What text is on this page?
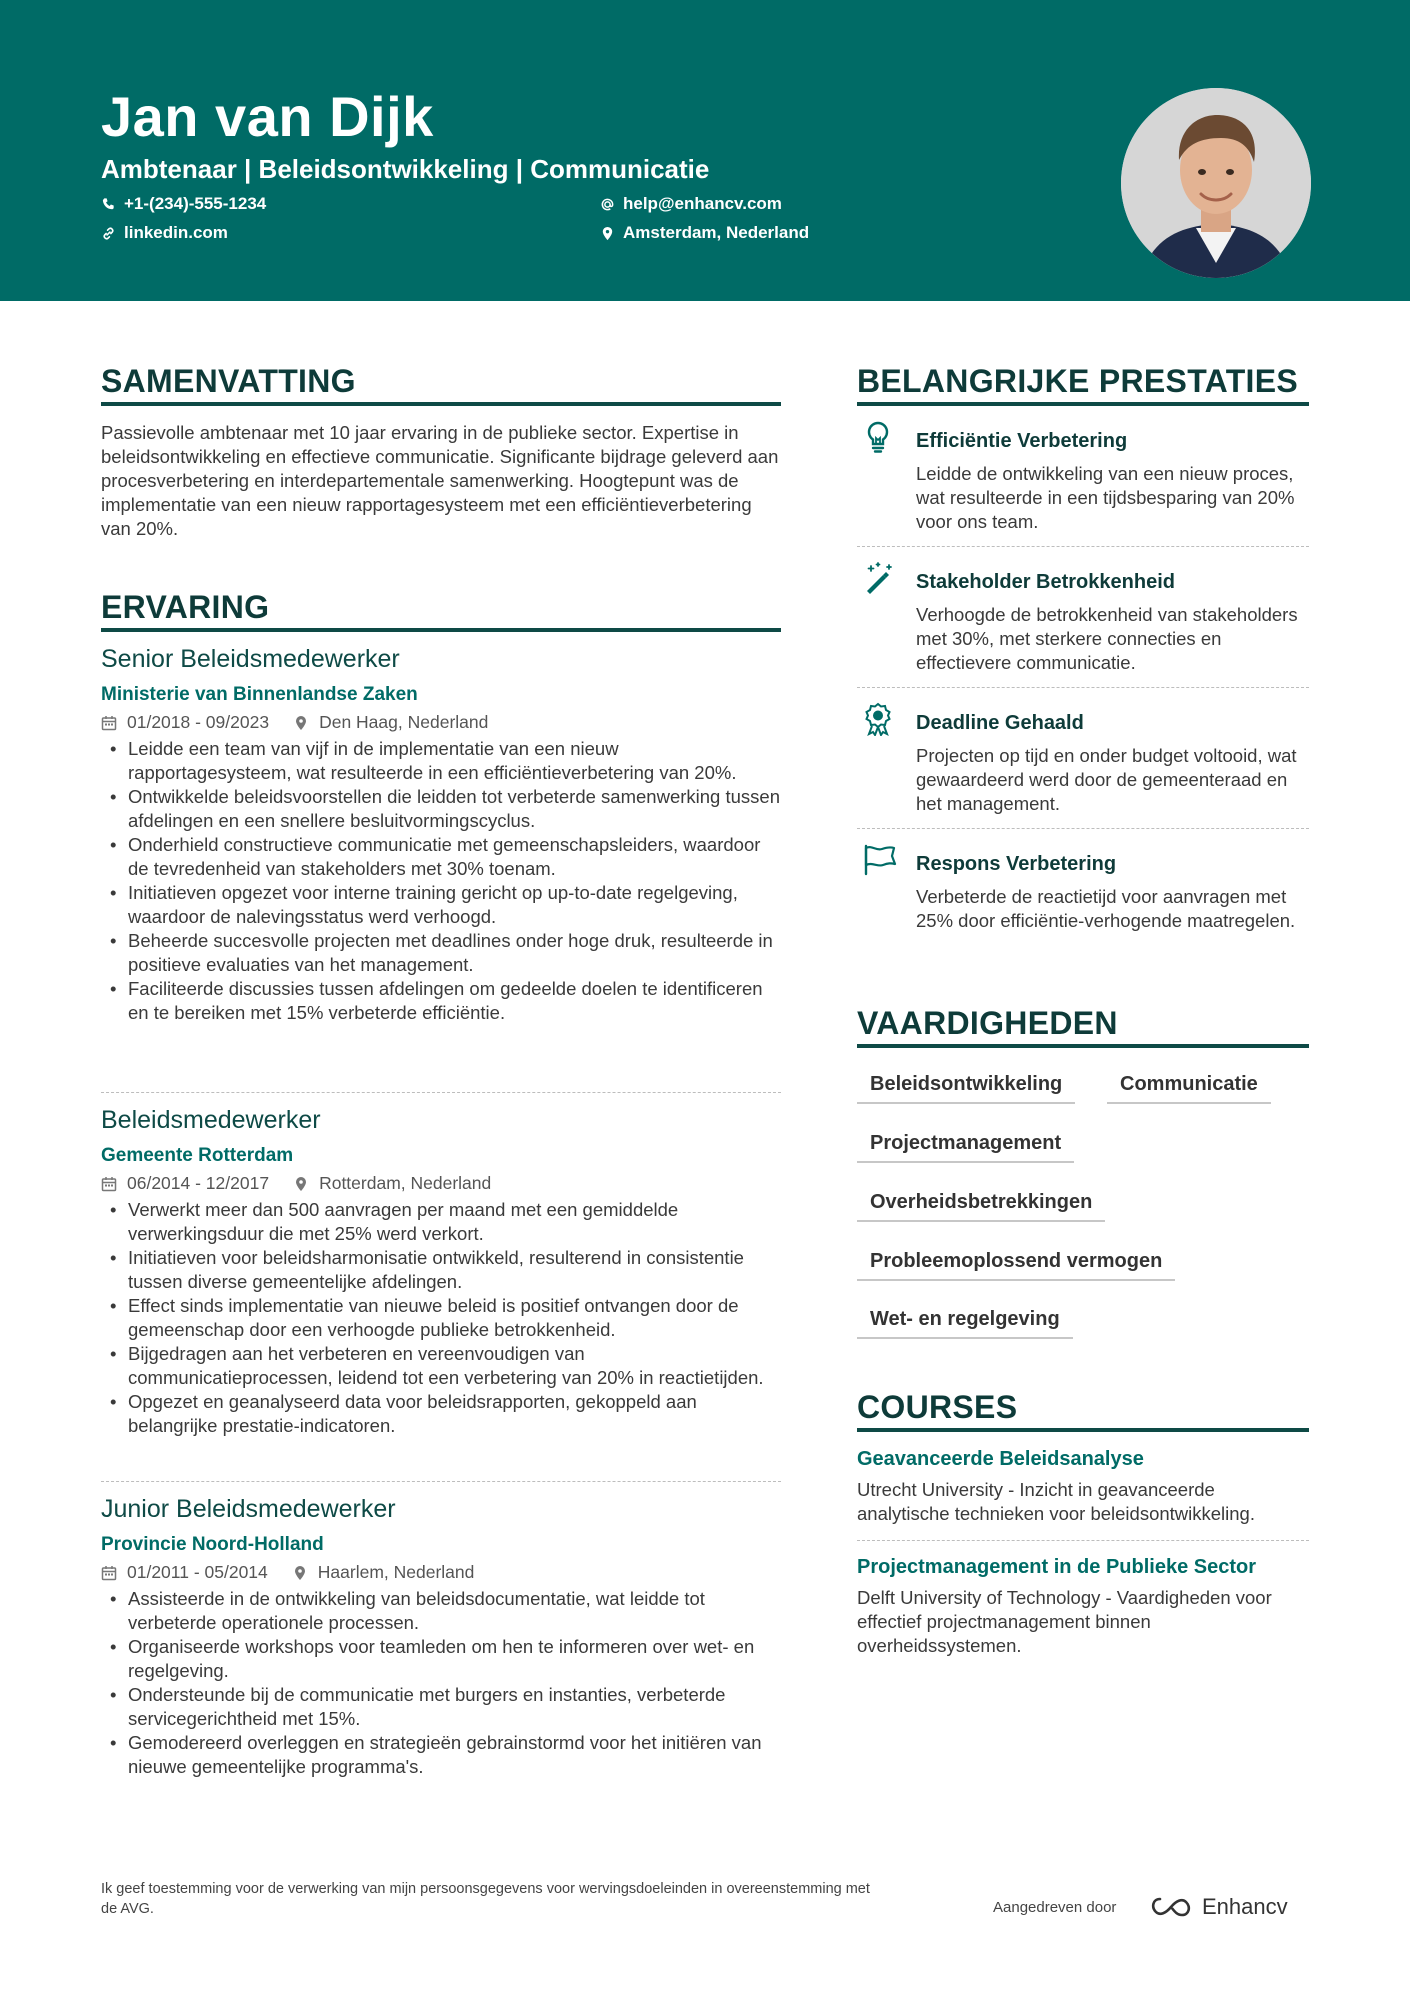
Jan van Dijk
Ambtenaar | Beleidsontwikkeling | Communicatie
+1-(234)-555-1234	help@enhancv.com
linkedin.com	Amsterdam, Nederland
SAMENVATTING
Passievolle ambtenaar met 10 jaar ervaring in de publieke sector. Expertise in beleidsontwikkeling en effectieve communicatie. Significante bijdrage geleverd aan procesverbetering en interdepartementale samenwerking. Hoogtepunt was de implementatie van een nieuw rapportagesysteem met een efficiëntieverbetering van 20%.
ERVARING
Senior Beleidsmedewerker
Ministerie van Binnenlandse Zaken
01/2018 - 09/2023	Den Haag, Nederland
• Leidde een team van vijf in de implementatie van een nieuw rapportagesysteem, wat resulteerde in een efficiëntieverbetering van 20%.
• Ontwikkelde beleidsvoorstellen die leidden tot verbeterde samenwerking tussen afdelingen en een snellere besluitvormingscyclus.
• Onderhield constructieve communicatie met gemeenschapsleiders, waardoor de tevredenheid van stakeholders met 30% toenam.
• Initiatieven opgezet voor interne training gericht op up-to-date regelgeving, waardoor de nalevingsstatus werd verhoogd.
• Beheerde succesvolle projecten met deadlines onder hoge druk, resulteerde in positieve evaluaties van het management.
• Faciliteerde discussies tussen afdelingen om gedeelde doelen te identificeren en te bereiken met 15% verbeterde efficiëntie.
Beleidsmedewerker
Gemeente Rotterdam
06/2014 - 12/2017	Rotterdam, Nederland
• Verwerkt meer dan 500 aanvragen per maand met een gemiddelde verwerkingsduur die met 25% werd verkort.
• Initiatieven voor beleidsharmonisatie ontwikkeld, resulterend in consistentie tussen diverse gemeentelijke afdelingen.
• Effect sinds implementatie van nieuwe beleid is positief ontvangen door de gemeenschap door een verhoogde publieke betrokkenheid.
• Bijgedragen aan het verbeteren en vereenvoudigen van communicatieprocessen, leidend tot een verbetering van 20% in reactietijden.
• Opgezet en geanalyseerd data voor beleidsrapporten, gekoppeld aan belangrijke prestatie-indicatoren.
Junior Beleidsmedewerker
Provincie Noord-Holland
01/2011 - 05/2014	Haarlem, Nederland
• Assisteerde in de ontwikkeling van beleidsdocumentatie, wat leidde tot verbeterde operationele processen.
• Organiseerde workshops voor teamleden om hen te informeren over wet- en regelgeving.
• Ondersteunde bij de communicatie met burgers en instanties, verbeterde servicegerichtheid met 15%.
• Gemodereerd overleggen en strategieën gebrainstormd voor het initiëren van nieuwe gemeentelijke programma's.
BELANGRIJKE PRESTATIES
Efficiëntie Verbetering
Leidde de ontwikkeling van een nieuw proces, wat resulteerde in een tijdsbesparing van 20% voor ons team.
Stakeholder Betrokkenheid
Verhoogde de betrokkenheid van stakeholders met 30%, met sterkere connecties en effectievere communicatie.
Deadline Gehaald
Projecten op tijd en onder budget voltooid, wat gewaardeerd werd door de gemeenteraad en het management.
Respons Verbetering
Verbeterde de reactietijd voor aanvragen met 25% door efficiëntie-verhogende maatregelen.
VAARDIGHEDEN
Beleidsontwikkeling	Communicatie
Projectmanagement
Overheidsbetrekkingen
Probleemoplossend vermogen
Wet- en regelgeving
COURSES
Geavanceerde Beleidsanalyse
Utrecht University - Inzicht in geavanceerde analytische technieken voor beleidsontwikkeling.
Projectmanagement in de Publieke Sector
Delft University of Technology - Vaardigheden voor effectief projectmanagement binnen overheidssystemen.
Ik geef toestemming voor de verwerking van mijn persoonsgegevens voor wervingsdoeleinden in overeenstemming met de AVG.	Aangedreven door	Enhancv
